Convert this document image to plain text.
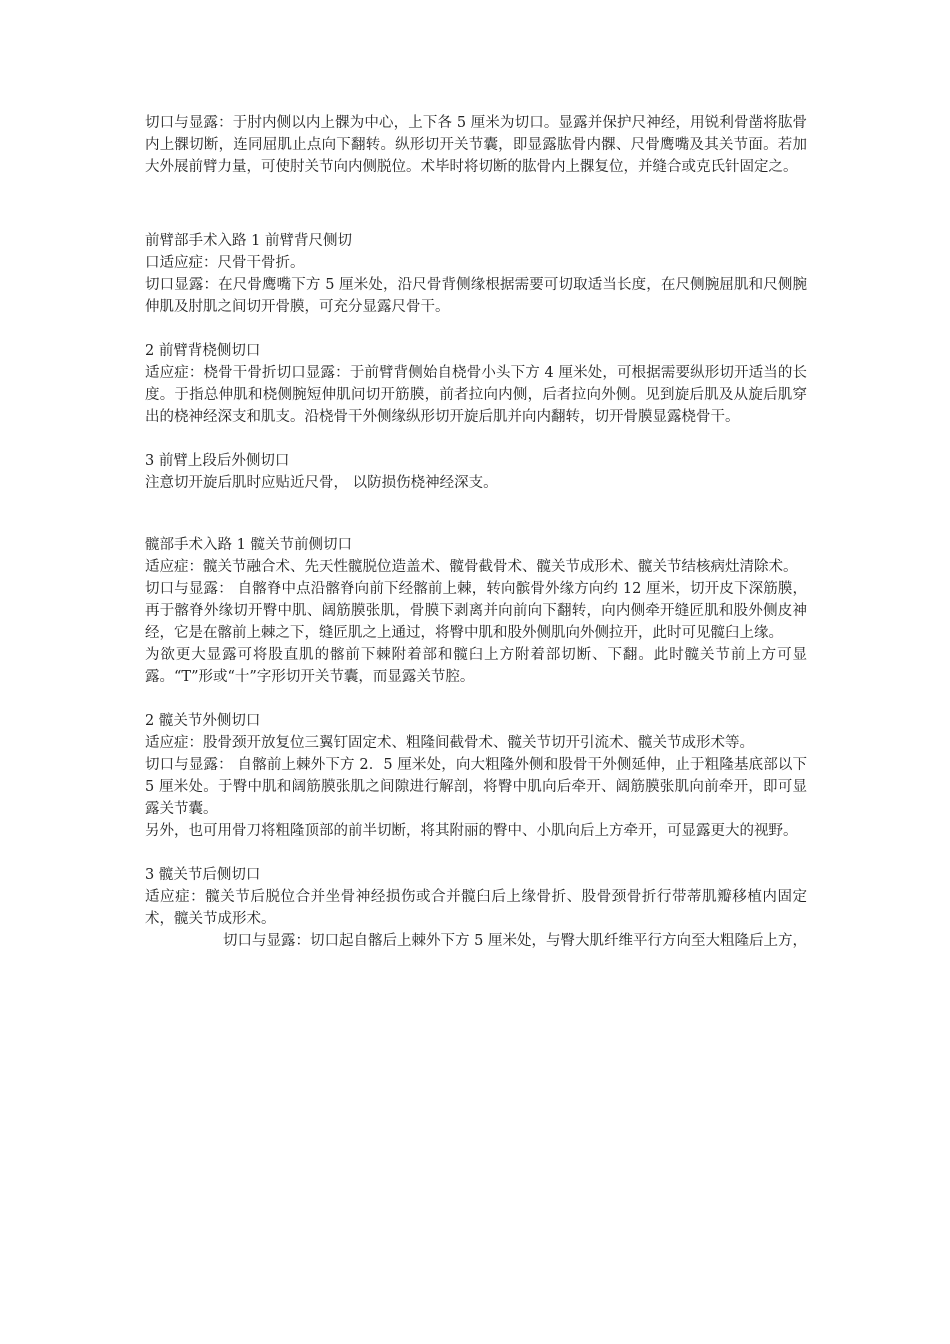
切口与显露：于肘内侧以内上髁为中心，上下各 5 厘米为切口。显露并保护尺神经，用锐利骨凿将肱骨内上髁切断，连同屈肌止点向下翻转。纵形切开关节囊，即显露肱骨内髁、尺骨鹰嘴及其关节面。若加大外展前臂力量，可使肘关节向内侧脱位。术毕时将切断的肱骨内上髁复位，并缝合或克氏针固定之。

前臂部手术入路 1 前臂背尺侧切

口适应症：尺骨干骨折。

切口显露：在尺骨鹰嘴下方 5 厘米处，沿尺骨背侧缘根据需要可切取适当长度，在尺侧腕屈肌和尺侧腕伸肌及肘肌之间切开骨膜，可充分显露尺骨干。

2 前臂背桡侧切口

适应症：桡骨干骨折切口显露：于前臂背侧始自桡骨小头下方 4 厘米处，可根据需要纵形切开适当的长度。于指总伸肌和桡侧腕短伸肌问切开筋膜，前者拉向内侧，后者拉向外侧。见到旋后肌及从旋后肌穿出的桡神经深支和肌支。沿桡骨干外侧缘纵形切开旋后肌并向内翻转，切开骨膜显露桡骨干。

3 前臂上段后外侧切口

注意切开旋后肌时应贴近尺骨， 以防损伤桡神经深支。

髋部手术入路 1 髋关节前侧切口

适应症：髋关节融合术、先天性髋脱位造盖术、髋骨截骨术、髋关节成形术、髋关节结核病灶清除术。

切口与显露： 自髂脊中点沿髂脊向前下经髂前上棘，转向髌骨外缘方向约 12 厘米，切开皮下深筋膜，再于髂脊外缘切开臀中肌、阔筋膜张肌，骨膜下剥离并向前向下翻转，向内侧牵开缝匠肌和股外侧皮神经，它是在髂前上棘之下，缝匠肌之上通过，将臀中肌和股外侧肌向外侧拉开，此时可见髋臼上缘。

为欲更大显露可将股直肌的髂前下棘附着部和髋臼上方附着部切断、下翻。此时髋关节前上方可显露。“T”形或“十”字形切开关节囊，而显露关节腔。

2 髋关节外侧切口

适应症：股骨颈开放复位三翼钉固定术、粗隆间截骨术、髋关节切开引流术、髋关节成形术等。

切口与显露： 自髂前上棘外下方 2．5 厘米处，向大粗隆外侧和股骨干外侧延伸，止于粗隆基底部以下 5 厘米处。于臀中肌和阔筋膜张肌之间隙进行解剖，将臀中肌向后牵开、阔筋膜张肌向前牵开，即可显露关节囊。

另外，也可用骨刀将粗隆顶部的前半切断，将其附丽的臀中、小肌向后上方牵开，可显露更大的视野。

3 髋关节后侧切口

适应症：髋关节后脱位合并坐骨神经损伤或合并髋臼后上缘骨折、股骨颈骨折行带蒂肌瓣移植内固定术，髋关节成形术。

切口与显露：切口起自髂后上棘外下方 5 厘米处，与臀大肌纤维平行方向至大粗隆后上方，
